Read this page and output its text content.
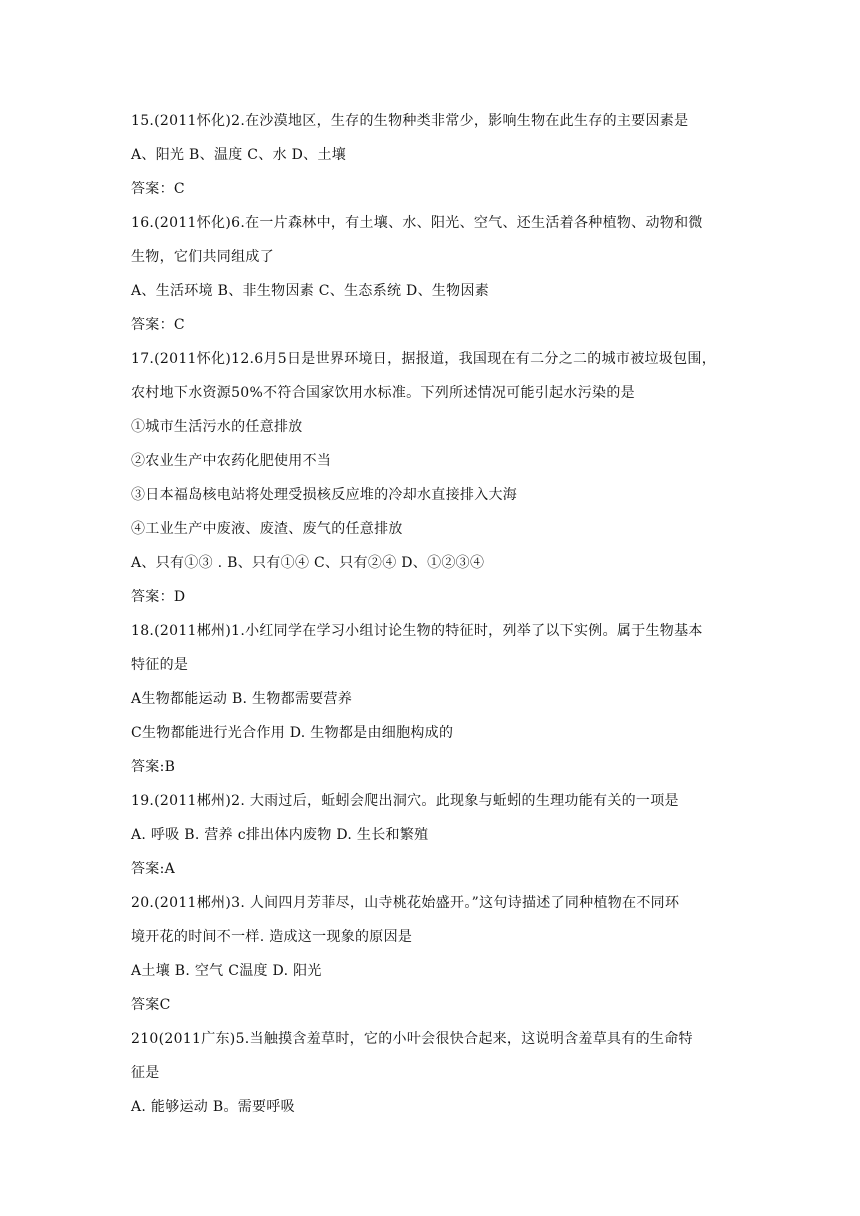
15.(2011怀化)2.在沙漠地区，生存的生物种类非常少，影响生物在此生存的主要因素是
A、阳光 B、温度 C、水 D、土壤
答案：C
16.(2011怀化)6.在一片森林中，有土壤、水、阳光、空气、还生活着各种植物、动物和微
生物，它们共同组成了
A、生活环境 B、非生物因素 C、生态系统 D、生物因素
答案：C
17.(2011怀化)12.6月5日是世界环境日，据报道，我国现在有二分之二的城市被垃圾包围，
农村地下水资源50%不符合国家饮用水标准。下列所述情况可能引起水污染的是
①城市生活污水的任意排放
②农业生产中农药化肥使用不当
③日本福岛核电站将处理受损核反应堆的冷却水直接排入大海
④工业生产中废液、废渣、废气的任意排放
A、只有①③ . B、只有①④ C、只有②④ D、①②③④
答案：D
18.(2011郴州)1.小红同学在学习小组讨论生物的特征时，列举了以下实例。属于生物基本
特征的是
A生物都能运动 B. 生物都需要营养
C生物都能进行光合作用 D. 生物都是由细胞构成的
答案:B
19.(2011郴州)2. 大雨过后，蚯蚓会爬出洞穴。此现象与蚯蚓的生理功能有关的一项是
A. 呼吸 B. 营养 c排出体内废物 D. 生长和繁殖
答案:A
20.(2011郴州)3. 人间四月芳菲尽，山寺桃花始盛开。”这句诗描述了同种植物在不同环
境开花的时间不一样. 造成这一现象的原因是
A土壤 B. 空气 C温度 D. 阳光
答案C
210(2011广东)5.当触摸含羞草时，它的小叶会很快合起来，这说明含羞草具有的生命特
征是
A. 能够运动 B。需要呼吸
